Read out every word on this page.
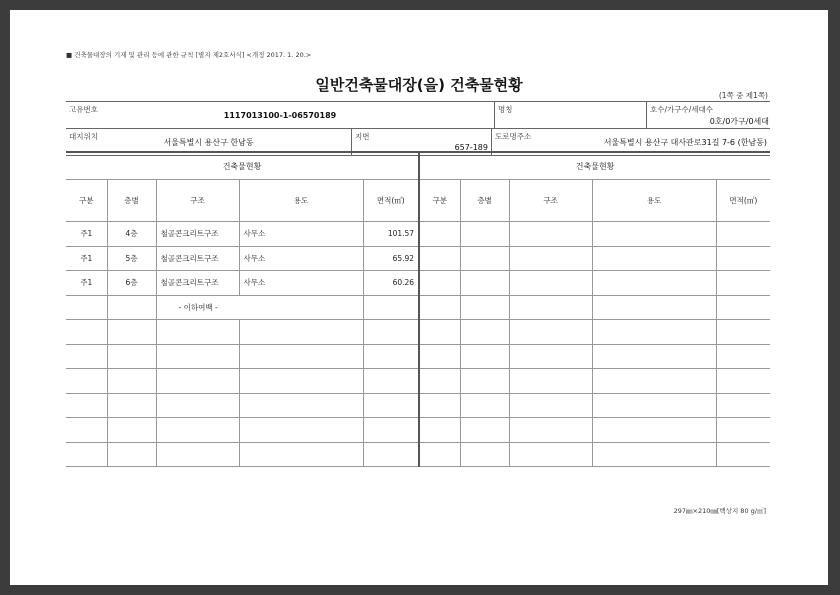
■ 건축물대장의 기재 및 관리 등에 관한 규칙 [별지 제2호서식] <개정 2017. 1. 20.>
일반건축물대장(을) 건축물현황
(1쪽 중 제1쪽)
고유번호
1117013100-1-06570189
명칭	호수/가구수/세대수
0호/0가구/0세대
대지위치
서울특별시 용산구 한남동
지번
657-189
도로명주소
서울특별시 용산구 대사관로31길 7-6 (한남동)
건축물현황					건축물현황				
구분	층별	구조	용도	면적(㎡)	구분	층별	구조	용도	면적(㎡)
주1	4층	철골콘크리트구조	사무소	101.57					
주1	5층	철골콘크리트구조	사무소	65.92					
주1	6층	철골콘크리트구조	사무소	60.26					
		- 이하여백 -							

297㎜×210㎜[백상지 80 g/㎡]
